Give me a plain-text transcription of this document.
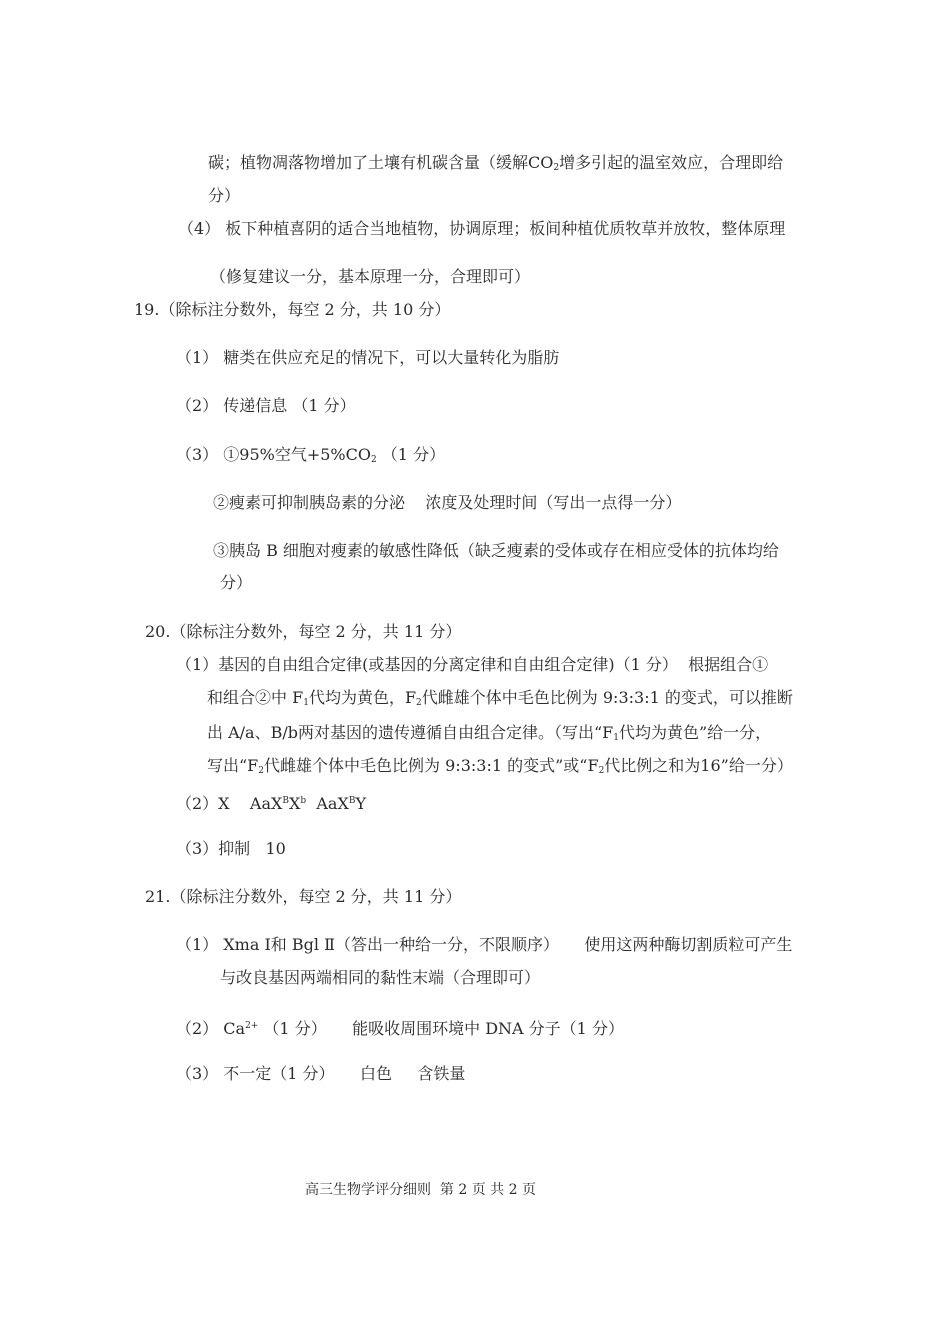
碳；植物凋落物增加了土壤有机碳含量（缓解$CO_2$增多引起的温室效应，合理即给
分）
（4） 板下种植喜阴的适合当地植物，协调原理；板间种植优质牧草并放牧，整体原理
（修复建议一分，基本原理一分，合理即可）
19.（除标注分数外，每空 2 分，共 10 分）
（1） 糖类在供应充足的情况下，可以大量转化为脂肪
（2） 传递信息 （1 分）
（3） ①95%空气$+5\%CO_2$ （1 分）
②瘦素可抑制胰岛素的分泌    浓度及处理时间（写出一点得一分）
③胰岛 B 细胞对瘦素的敏感性降低（缺乏瘦素的受体或存在相应受体的抗体均给
分）
20.（除标注分数外，每空 2 分，共 11 分）
（1）基因的自由组合定律(或基因的分离定律和自由组合定律)（1 分）  根据组合①
和组合②中 $F_1$代均为黄色，$F_2$代雌雄个体中毛色比例为 9:3:3:1 的变式，可以推断
出 A/a、B/b两对基因的遗传遵循自由组合定律。（写出“$F_1$代均为黄色”给一分，
写出“$F_2$代雌雄个体中毛色比例为 9:3:3:1 的变式”或“$F_2$代比例之和为16”给一分）
（2）X    $AaX^BX^b$  AaX$^B$Y
（3）抑制   10
21.（除标注分数外，每空 2 分，共 11 分）
（1） Xma Ⅰ和 Bgl Ⅱ（答出一种给一分，不限顺序）     使用这两种酶切割质粒可产生
与改良基因两端相同的黏性末端（合理即可）
（2） $Ca^{2+}$ （1 分）     能吸收周围环境中 DNA 分子（1 分）
（3） 不一定（1 分）     白色     含铁量
高三生物学评分细则  第 2 页 共 2 页
